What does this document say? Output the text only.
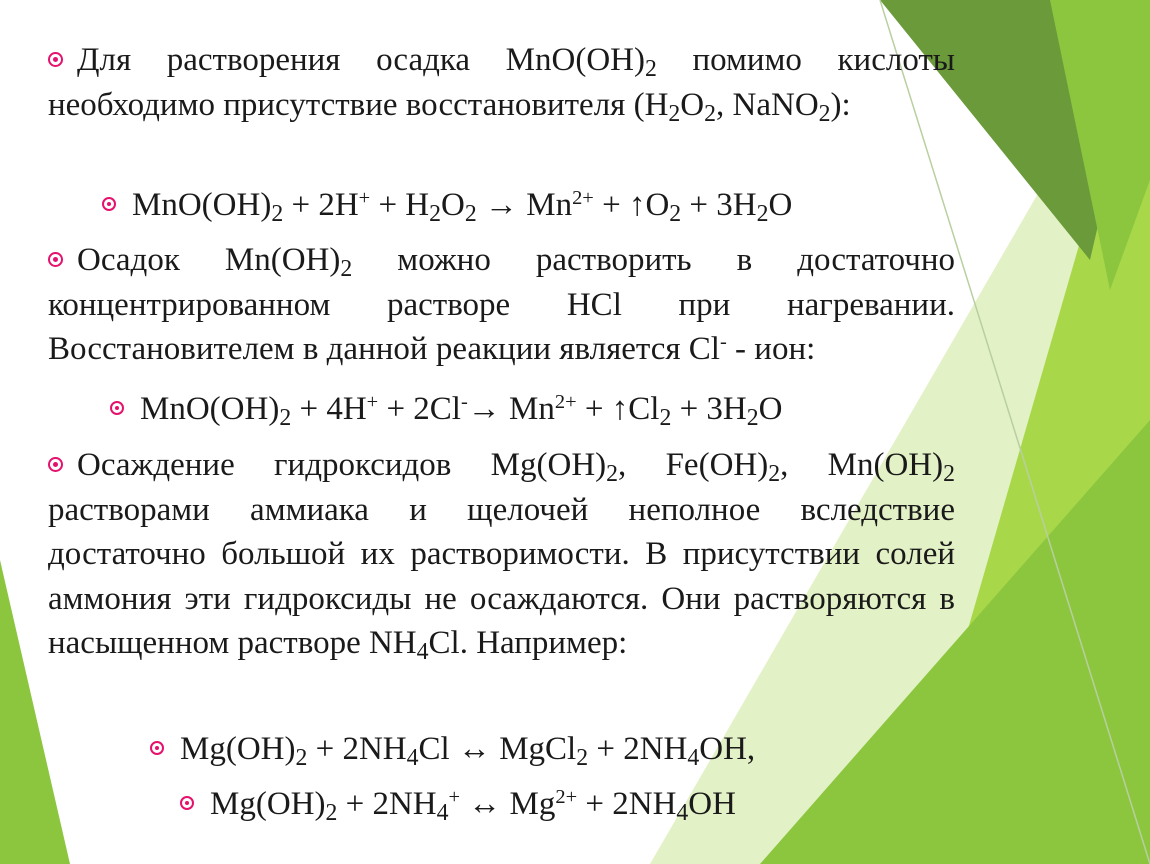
Для растворения осадка $MnO(OH)_2$ помимо кислоты необходимо присутствие восстановителя ($H_2O_2$, NaNO$_2$):
$MnO(OH)_2 + 2H^+ + H_2O_2 \to Mn^{2+}$ + $↑O_2 + 3H_2O$
Осадок $Mn(OH)_2$ можно растворить в достаточно концентрированном растворе HCl при нагревании. Восстановителем в данной реакции является Cl- - ион:
$MnO(OH)_2 + 4H^+ + 2Cl^-\to Mn^{2+}$ + $↑Cl_2 + 3H_2O$
Осаждение гидроксидов $Mg(OH)_2$, $Fe(OH)_2$, $Mn(OH)_2$ растворами аммиака и щелочей неполное вследствие достаточно большой их растворимости. В присутствии солей аммония эти гидроксиды не осаждаются. Они растворяются в насыщенном растворе $NH_4Cl$. Например:
$Mg(OH)_2 + 2NH_4Cl$ ↔ MgCl$_2$ + $2NH_4OH$,
$Mg(OH)_2 + 2NH_4^+$ ↔ $Mg^{2+} + 2NH_4OH$
